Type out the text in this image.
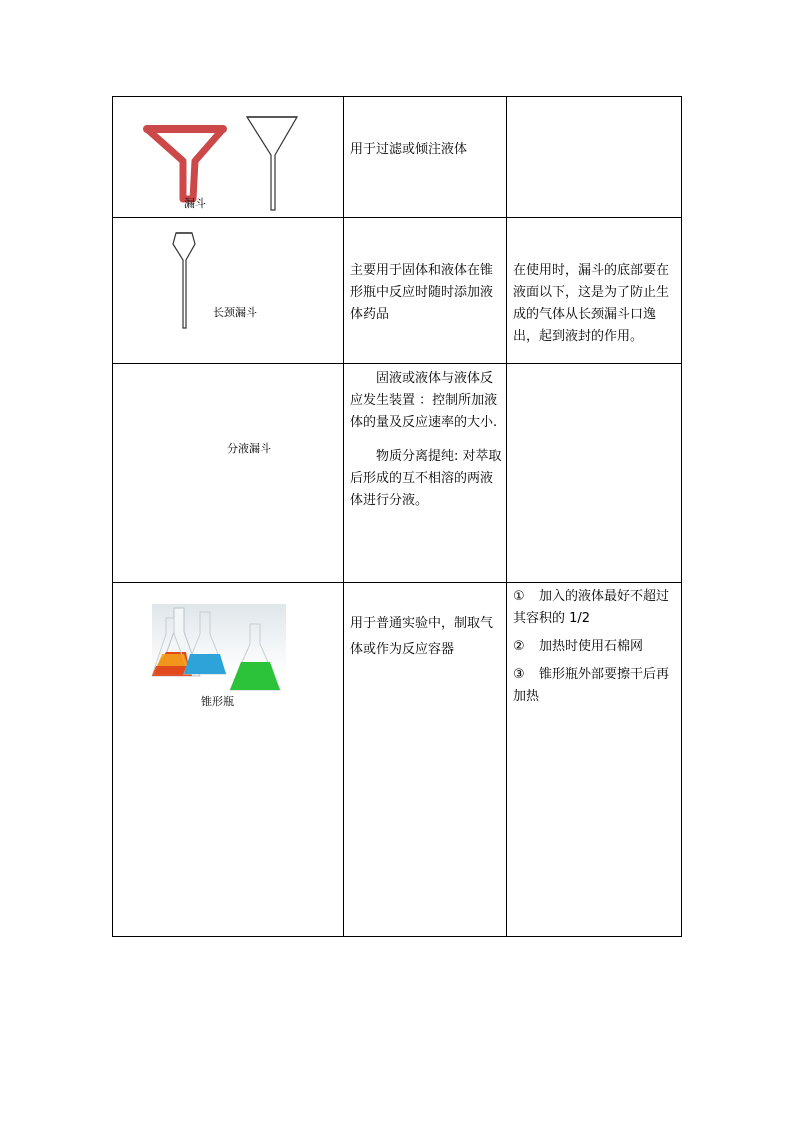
漏斗	用于过滤或倾注液体	

长颈漏斗	主要用于固体和液体在锥形瓶中反应时随时添加液体药品	在使用时，漏斗的底部要在液面以下，这是为了防止生成的气体从长颈漏斗口逸出，起到液封的作用。

分液漏斗	固液或液体与液体反应发生装置 ：控制所加液体的量及反应速率的大小.
物质分离提纯: 对萃取后形成的互不相溶的两液体进行分液。	

锥形瓶	用于普通实验中，制取气体或作为反应容器	① 加入的液体最好不超过其容积的 1/2
② 加热时使用石棉网
③ 锥形瓶外部要擦干后再加热
